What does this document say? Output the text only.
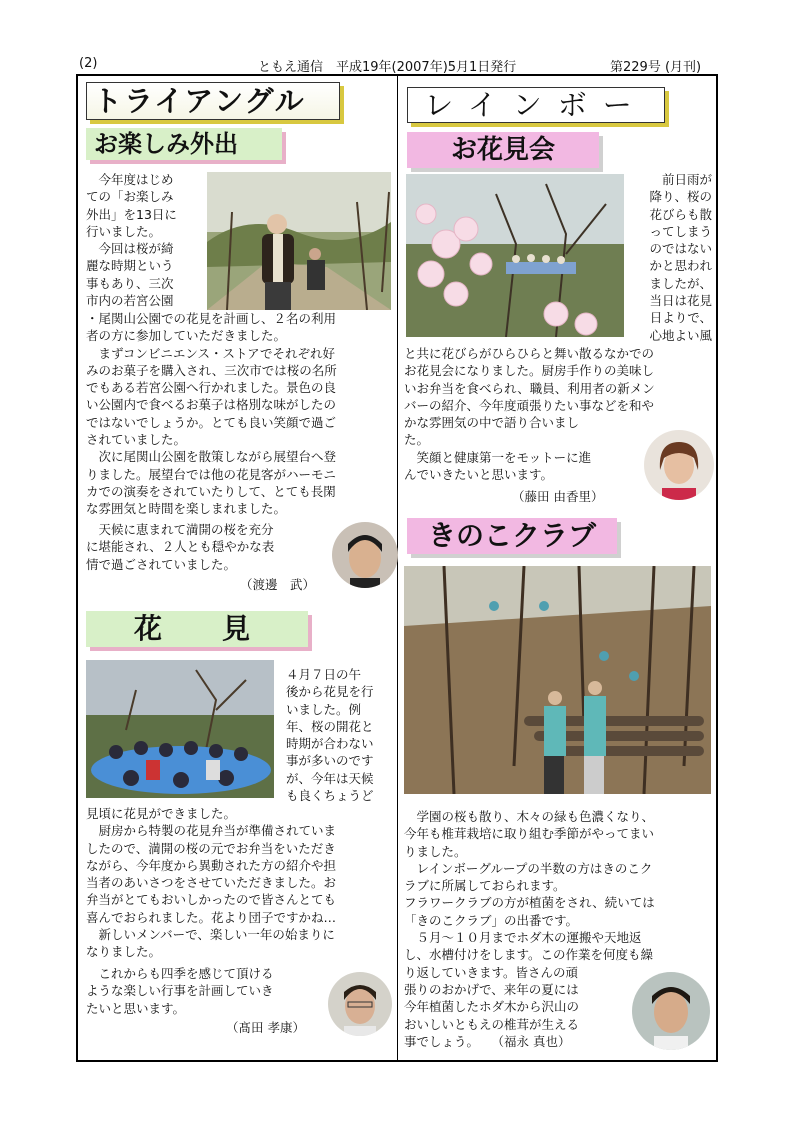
(2)	ともえ通信　平成19年(2007年)5月1日発行	第229号 (月刊)
トライアングル	レインボー
お楽しみ外出
花見
お花見会
きのこクラブ
　今年度はじめ
ての「お楽しみ
外出」を13日に
行いました。
　今回は桜が綺
麗な時期という
事もあり、三次
市内の若宮公園
・尾関山公園での花見を計画し、２名の利用
者の方に参加していただきました。
　まずコンビニエンス・ストアでそれぞれ好
みのお菓子を購入され、三次市では桜の名所
でもある若宮公園へ行かれました。景色の良
い公園内で食べるお菓子は格別な味がしたの
ではないでしょうか。とても良い笑顔で過ご
されていました。
　次に尾関山公園を散策しながら展望台へ登
りました。展望台では他の花見客がハーモニ
カでの演奏をされていたりして、とても長閑
な雰囲気と時間を楽しまれました。
　天候に恵まれて満開の桜を充分
に堪能され、２人とも穏やかな表
情で過ごされていました。
（渡邊　武）
４月７日の午
後から花見を行
いました。例
年、桜の開花と
時期が合わない
事が多いのです
が、今年は天候
も良くちょうど
見頃に花見ができました。
　厨房から特製の花見弁当が準備されていま
したので、満開の桜の元でお弁当をいただき
ながら、今年度から異動された方の紹介や担
当者のあいさつをさせていただきました。お
弁当がとてもおいしかったので皆さんとても
喜んでおられました。花より団子ですかね…
　新しいメンバーで、楽しい一年の始まりに
なりました。
　これからも四季を感じて頂ける
ような楽しい行事を計画していき
たいと思います。
（髙田 孝康）
前日雨が
降り、桜の
花びらも散
ってしまう
のではない
かと思われ
ましたが、
当日は花見
日よりで、
心地よい風
と共に花びらがひらひらと舞い散るなかでの
お花見会になりました。厨房手作りの美味し
いお弁当を食べられ、職員、利用者の新メン
バーの紹介、今年度頑張りたい事などを和や
かな雰囲気の中で語り合いまし
た。
　笑顔と健康第一をモットーに進
んでいきたいと思います。
（藤田 由香里）
　学園の桜も散り、木々の緑も色濃くなり、
今年も椎茸栽培に取り組む季節がやってまい
りました。
　レインボーグループの半数の方はきのこク
ラブに所属しておられます。
フラワークラブの方が植菌をされ、続いては
「きのこクラブ」の出番です。
　５月～１０月までホダ木の運搬や天地返
し、水槽付けをします。この作業を何度も繰
り返していきます。皆さんの頑
張りのおかげで、来年の夏には
今年植菌したホダ木から沢山の
おいしいともえの椎茸が生える
事でしょう。　　（福永 真也）
